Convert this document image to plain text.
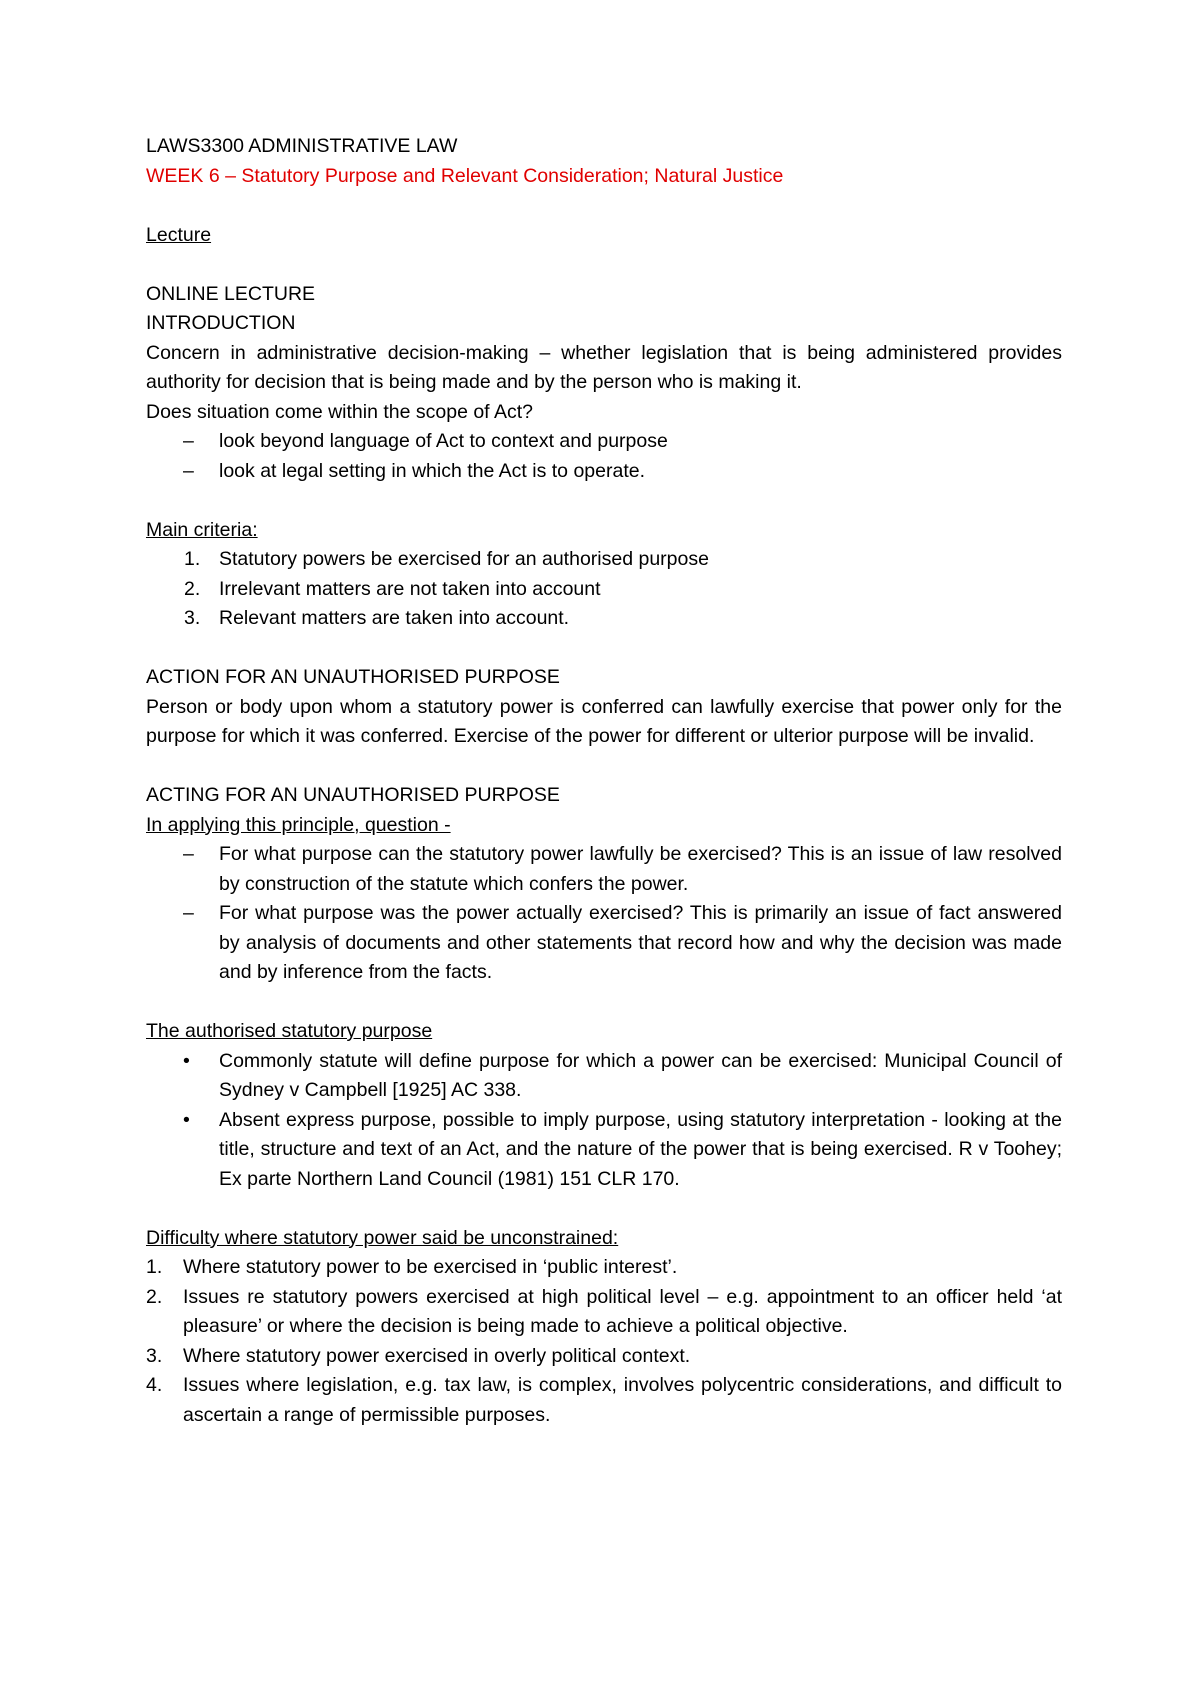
LAWS3300 ADMINISTRATIVE LAW
WEEK 6 – Statutory Purpose and Relevant Consideration; Natural Justice
Lecture
ONLINE LECTURE
INTRODUCTION
Concern in administrative decision-making – whether legislation that is being administered provides authority for decision that is being made and by the person who is making it.
Does situation come within the scope of Act?
–	look beyond language of Act to context and purpose
–	look at legal setting in which the Act is to operate.
Main criteria:
1. Statutory powers be exercised for an authorised purpose
2. Irrelevant matters are not taken into account
3. Relevant matters are taken into account.
ACTION FOR AN UNAUTHORISED PURPOSE
Person or body upon whom a statutory power is conferred can lawfully exercise that power only for the purpose for which it was conferred. Exercise of the power for different or ulterior purpose will be invalid.
ACTING FOR AN UNAUTHORISED PURPOSE
In applying this principle, question -
–	For what purpose can the statutory power lawfully be exercised? This is an issue of law resolved by construction of the statute which confers the power.
–	For what purpose was the power actually exercised? This is primarily an issue of fact answered by analysis of documents and other statements that record how and why the decision was made and by inference from the facts.
The authorised statutory purpose
•	Commonly statute will define purpose for which a power can be exercised: Municipal Council of Sydney v Campbell [1925] AC 338.
•	Absent express purpose, possible to imply purpose, using statutory interpretation - looking at the title, structure and text of an Act, and the nature of the power that is being exercised. R v Toohey; Ex parte Northern Land Council (1981) 151 CLR 170.
Difficulty where statutory power said be unconstrained:
1.	Where statutory power to be exercised in ‘public interest’.
2.	Issues re statutory powers exercised at high political level – e.g. appointment to an officer held ‘at pleasure’ or where the decision is being made to achieve a political objective.
3.	Where statutory power exercised in overly political context.
4.	Issues where legislation, e.g. tax law, is complex, involves polycentric considerations, and difficult to ascertain a range of permissible purposes.
